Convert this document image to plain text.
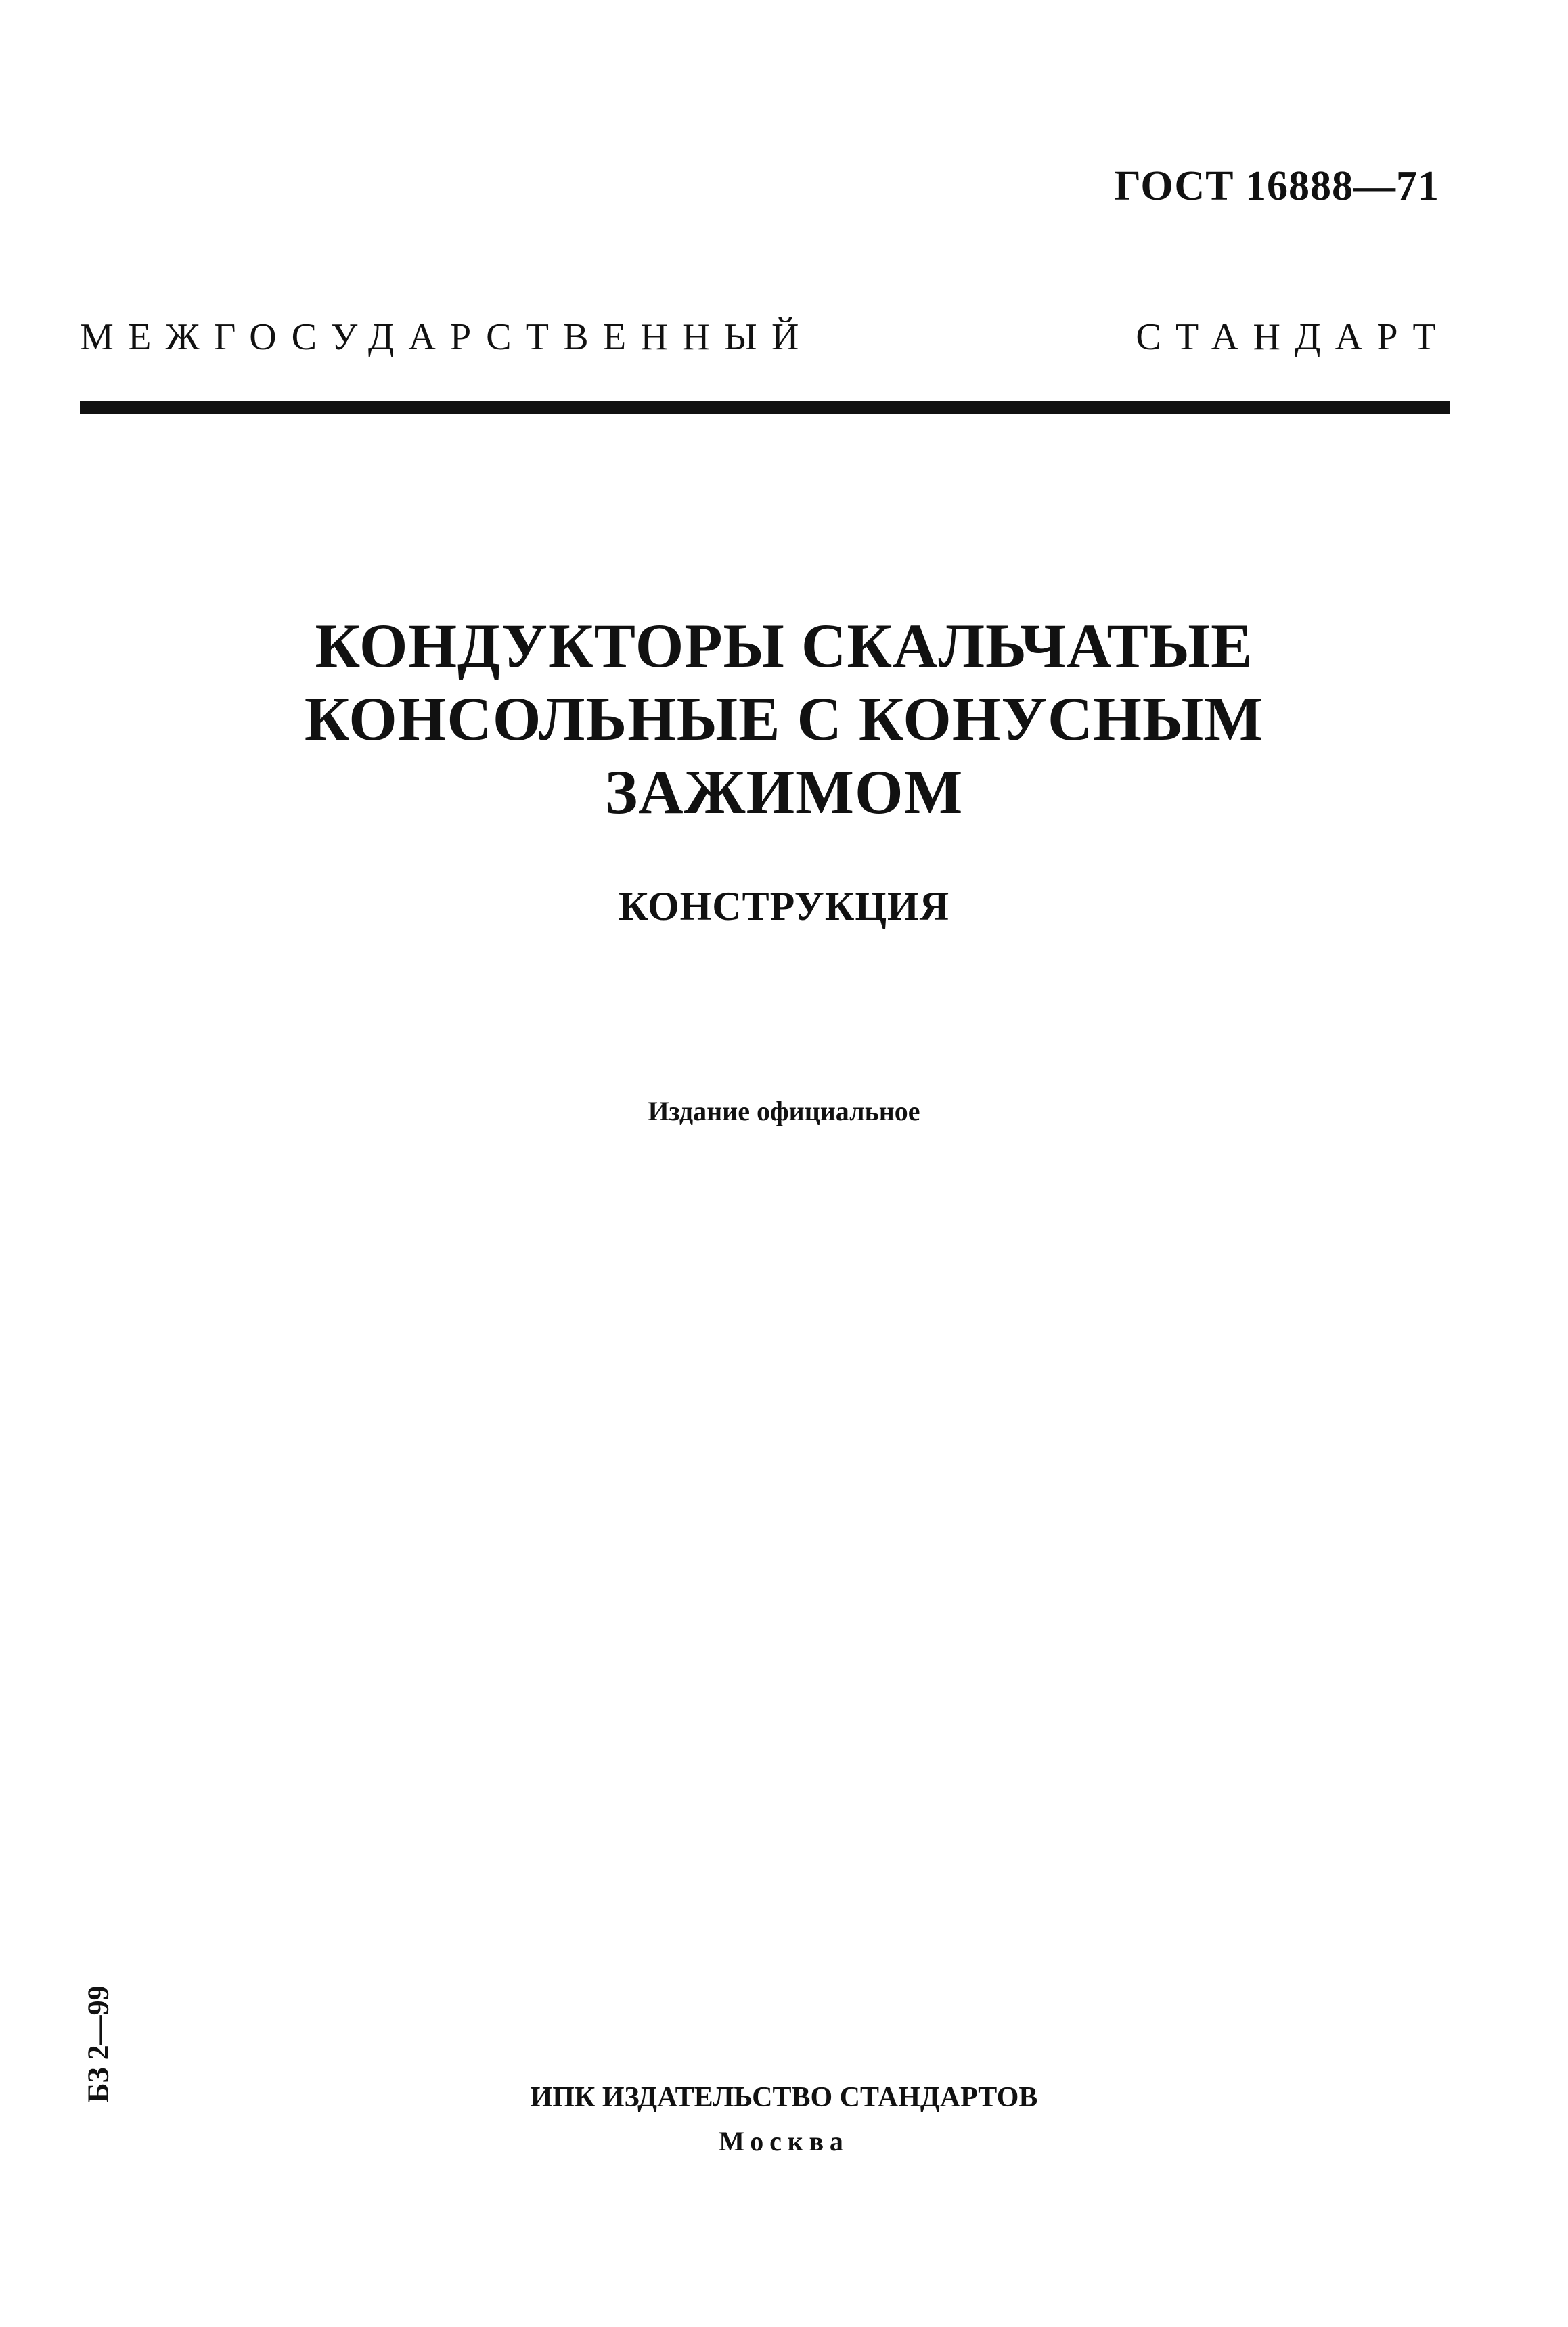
ГОСТ 16888—71
МЕЖГОСУДАРСТВЕННЫЙ СТАНДАРТ
КОНДУКТОРЫ СКАЛЬЧАТЫЕ
КОНСОЛЬНЫЕ С КОНУСНЫМ
ЗАЖИМОМ
КОНСТРУКЦИЯ
Издание официальное
БЗ 2—99	ИПК ИЗДАТЕЛЬСТВО СТАНДАРТОВ
Москва
